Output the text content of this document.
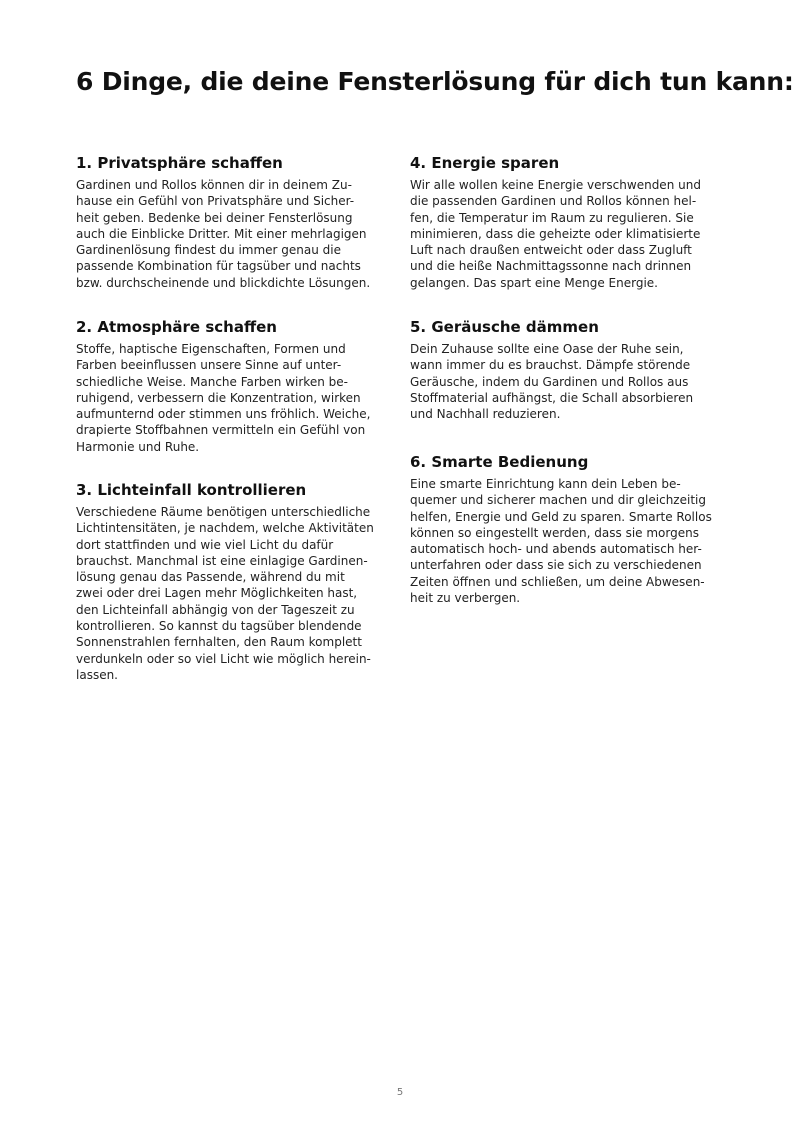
6 Dinge, die deine Fensterlösung für dich tun kann:
1. Privatsphäre schaffen
Gardinen und Rollos können dir in deinem Zu-
hause ein Gefühl von Privatsphäre und Sicher-
heit geben. Bedenke bei deiner Fensterlösung
auch die Einblicke Dritter. Mit einer mehrlagigen
Gardinenlösung findest du immer genau die
passende Kombination für tagsüber und nachts
bzw. durchscheinende und blickdichte Lösungen.
2. Atmosphäre schaffen
Stoffe, haptische Eigenschaften, Formen und
Farben beeinflussen unsere Sinne auf unter-
schiedliche Weise. Manche Farben wirken be-
ruhigend, verbessern die Konzentration, wirken
aufmunternd oder stimmen uns fröhlich. Weiche,
drapierte Stoffbahnen vermitteln ein Gefühl von
Harmonie und Ruhe.
3. Lichteinfall kontrollieren
Verschiedene Räume benötigen unterschiedliche
Lichtintensitäten, je nachdem, welche Aktivitäten
dort stattfinden und wie viel Licht du dafür
brauchst. Manchmal ist eine einlagige Gardinen-
lösung genau das Passende, während du mit
zwei oder drei Lagen mehr Möglichkeiten hast,
den Lichteinfall abhängig von der Tageszeit zu
kontrollieren. So kannst du tagsüber blendende
Sonnenstrahlen fernhalten, den Raum komplett
verdunkeln oder so viel Licht wie möglich herein-
lassen.
4. Energie sparen
Wir alle wollen keine Energie verschwenden und
die passenden Gardinen und Rollos können hel-
fen, die Temperatur im Raum zu regulieren. Sie
minimieren, dass die geheizte oder klimatisierte
Luft nach draußen entweicht oder dass Zugluft
und die heiße Nachmittagssonne nach drinnen
gelangen. Das spart eine Menge Energie.
5. Geräusche dämmen
Dein Zuhause sollte eine Oase der Ruhe sein,
wann immer du es brauchst. Dämpfe störende
Geräusche, indem du Gardinen und Rollos aus
Stoffmaterial aufhängst, die Schall absorbieren
und Nachhall reduzieren.
6. Smarte Bedienung
Eine smarte Einrichtung kann dein Leben be-
quemer und sicherer machen und dir gleichzeitig
helfen, Energie und Geld zu sparen. Smarte Rollos
können so eingestellt werden, dass sie morgens
automatisch hoch- und abends automatisch her-
unterfahren oder dass sie sich zu verschiedenen
Zeiten öffnen und schließen, um deine Abwesen-
heit zu verbergen.
5
